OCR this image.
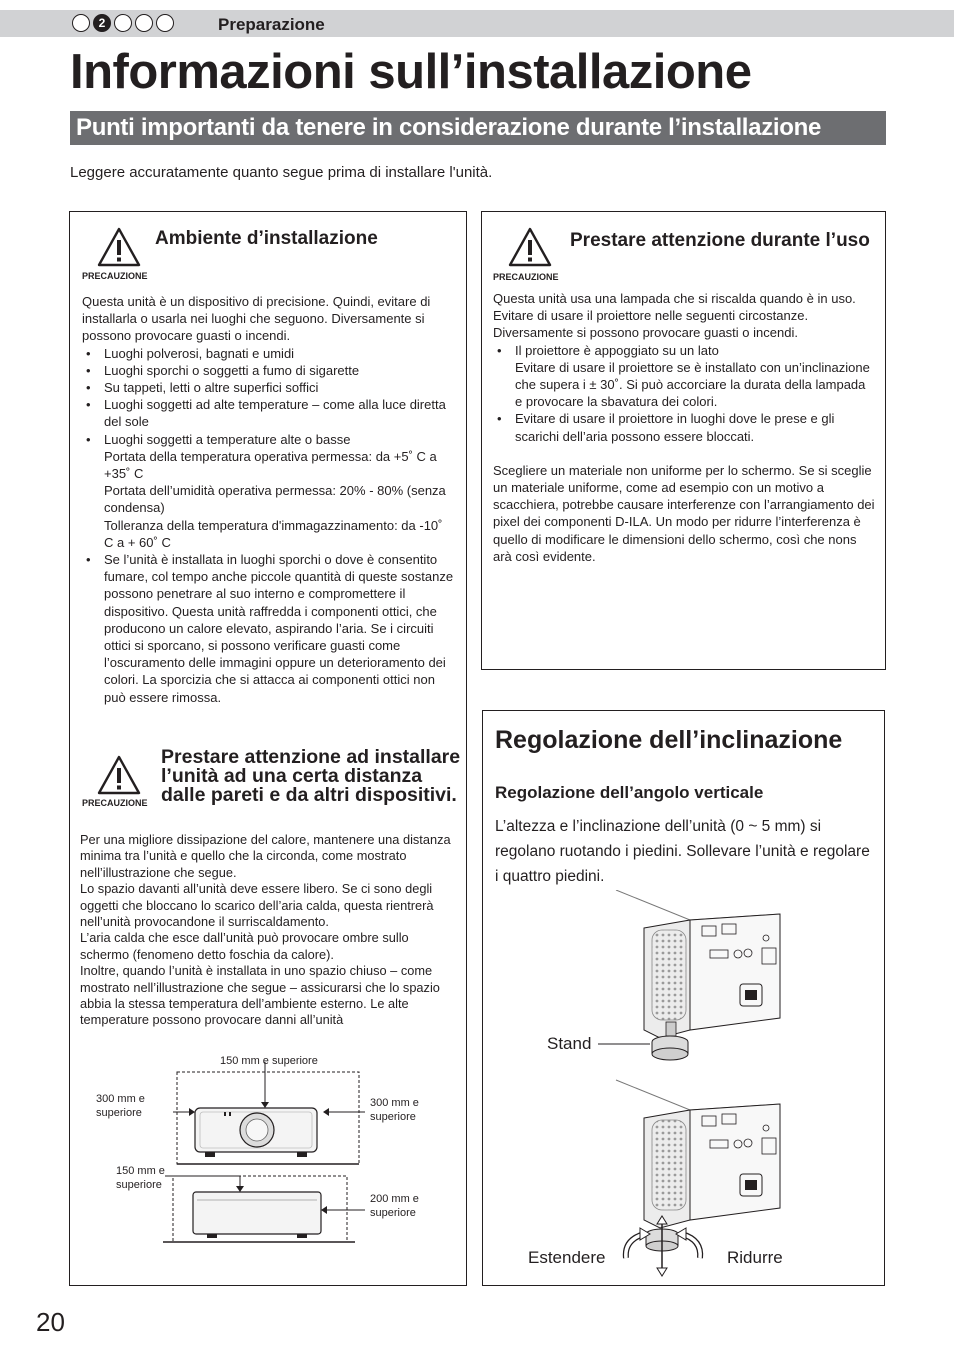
2	Preparazione
Informazioni sull’installazione
Punti importanti da tenere in considerazione durante l’installazione
Leggere accuratamente quanto segue prima di installare l'unità.
PRECAUZIONE
Ambiente d’installazione

Questa unità è un dispositivo di precisione. Quindi, evitare di installarla o usarla nei luoghi che seguono. Diversamente si possono provocare guasti o incendi.

• Luoghi polverosi, bagnati e umidi
• Luoghi sporchi o soggetti a fumo di sigarette
• Su tappeti, letti o altre superfici soffici
• Luoghi soggetti ad alte temperature – come alla luce diretta del sole
• Luoghi soggetti a temperature alte o basse
Portata della temperatura operativa permessa: da +5˚ C a +35˚ C
Portata dell’umidità operativa permessa: 20% - 80% (senza condensa)
Tolleranza della temperatura d'immagazzinamento: da -10˚ C a + 60˚ C
• Se l’unità è installata in luoghi sporchi o dove è consentito fumare, col tempo anche piccole quantità di queste sostanze possono penetrare al suo interno e compromettere il dispositivo. Questa unità raffredda i componenti ottici, che producono un calore elevato, aspirando l’aria. Se i circuiti ottici si sporcano, si possono verificare guasti come l’oscuramento delle immagini oppure un deterioramento dei colori. La sporcizia che si attacca ai componenti ottici non può essere rimossa.
PRECAUZIONE
Prestare attenzione ad installare l’unità ad una certa distanza dalle pareti e da altri dispositivi.

Per una migliore dissipazione del calore, mantenere una distanza minima tra l’unità e quello che la circonda, come mostrato nell’illustrazione che segue.

Lo spazio davanti all’unità deve essere libero. Se ci sono degli oggetti che bloccano lo scarico dell’aria calda, questa rientrerà nell’unità provocandone il surriscaldamento.

L’aria calda che esce dall’unità può provocare ombre sullo schermo (fenomeno detto foschia da calore).

Inoltre, quando l’unità è installata in uno spazio chiuso – come mostrato nell’illustrazione che segue – assicurarsi che lo spazio abbia la stessa temperatura dell’ambiente esterno. Le alte temperature possono provocare danni all’unità

150 mm e superiore
300 mm e superiore
300 mm e superiore
150 mm e superiore
200 mm e superiore
PRECAUZIONE
Prestare attenzione durante l’uso

Questa unità usa una lampada che si riscalda quando è in uso. Evitare di usare il proiettore nelle seguenti circostanze. Diversamente si possono provocare guasti o incendi.

• Il proiettore è appoggiato su un lato
Evitare di usare il proiettore se è installato con un’inclinazione che supera i ± 30˚. Si può accorciare la durata della lampada e provocare la sbavatura dei colori.
• Evitare di usare il proiettore in luoghi dove le prese e gli scarichi dell’aria possono essere bloccati.

Scegliere un materiale non uniforme per lo schermo. Se si sceglie un materiale uniforme, come ad esempio con un motivo a scacchiera, potrebbe causare interferenze con l’arrangiamento dei pixel dei componenti D-ILA. Un modo per ridurre l’interferenza è quello di modificare le dimensioni dello schermo, così che nons arà così evidente.

Regolazione dell’inclinazione
Regolazione dell’angolo verticale
L’altezza e l’inclinazione dell’unità (0 ~ 5 mm) si regolano ruotando i piedini. Sollevare l’unità e regolare i quattro piedini.
Stand
Estendere	Ridurre
20
